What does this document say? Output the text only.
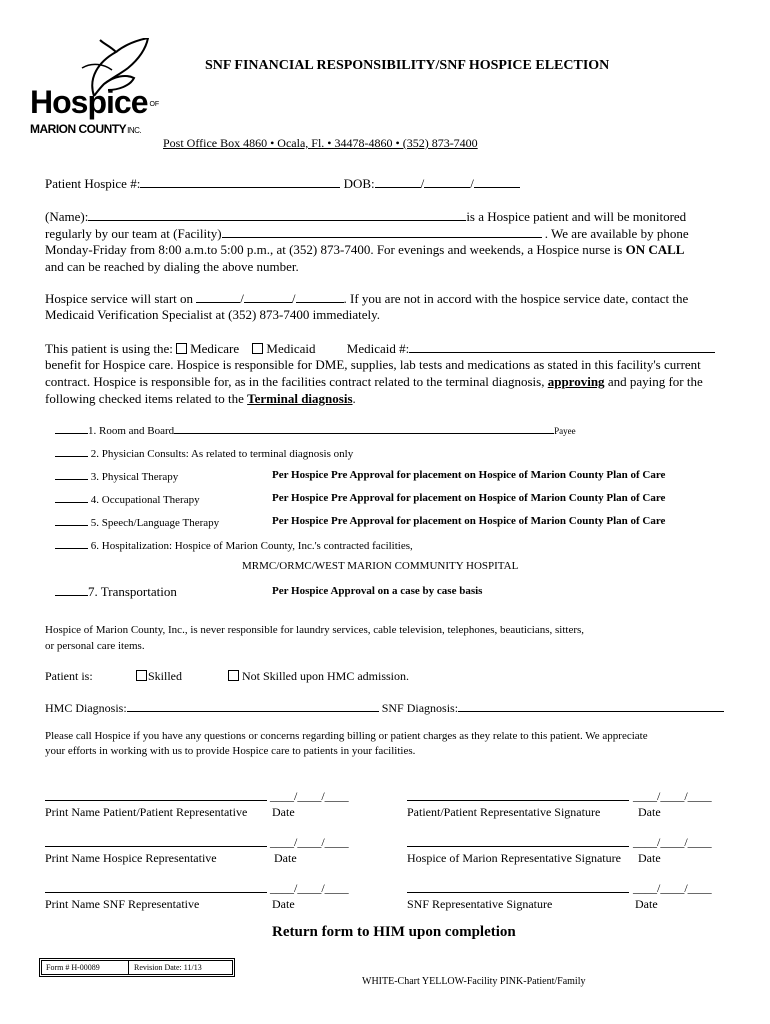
Hospice OF
MARION COUNTYINC.
SNF FINANCIAL RESPONSIBILITY/SNF HOSPICE ELECTION
Post Office Box 4860 • Ocala, Fl. • 34478-4860 • (352) 873-7400
Patient Hospice #:	DOB:	/	/
(Name):	is a Hospice patient and will be monitored
regularly by our team at (Facility)	. We are available by phone
Monday-Friday from 8:00 a.m.to 5:00 p.m., at (352) 873-7400. For evenings and weekends, a Hospice nurse is ON CALL
and can be reached by dialing the above number.
Hospice service will start on	/	/	. If you are not in accord with the hospice service date, contact the
Medicaid Verification Specialist at (352) 873-7400 immediately.
This patient is using the: Medicare Medicaid Medicaid #:
benefit for Hospice care. Hospice is responsible for DME, supplies, lab tests and medications as stated in this facility's current
contract. Hospice is responsible for, as in the facilities contract related to the terminal diagnosis, approving and paying for the
following checked items related to the Terminal diagnosis.
1. Room and Board	Payee
2. Physician Consults: As related to terminal diagnosis only
3. Physical Therapy	Per Hospice Pre Approval for placement on Hospice of Marion County Plan of Care
4. Occupational Therapy	Per Hospice Pre Approval for placement on Hospice of Marion County Plan of Care
5. Speech/Language Therapy	Per Hospice Pre Approval for placement on Hospice of Marion County Plan of Care
6. Hospitalization: Hospice of Marion County, Inc.'s contracted facilities,
MRMC/ORMC/WEST MARION COMMUNITY HOSPITAL
7. Transportation	Per Hospice Approval on a case by case basis
Hospice of Marion County, Inc., is never responsible for laundry services, cable television, telephones, beauticians, sitters,
or personal care items.
Patient is:	Skilled	Not Skilled upon HMC admission.
HMC Diagnosis:	SNF Diagnosis:
Please call Hospice if you have any questions or concerns regarding billing or patient charges as they relate to this patient. We appreciate
your efforts in working with us to provide Hospice care to patients in your facilities.
____/____/____
Print Name Patient/Patient Representative Date
____/____/____
Patient/Patient Representative Signature	Date
____/____/____
Print Name Hospice Representative	Date
____/____/____
Hospice of Marion Representative Signature Date
____/____/____
Print Name SNF Representative	Date
____/____/____
SNF Representative Signature	Date
Return form to HIM upon completion
Form # H-00089	Revision Date: 11/13
WHITE-Chart YELLOW-Facility PINK-Patient/Family
